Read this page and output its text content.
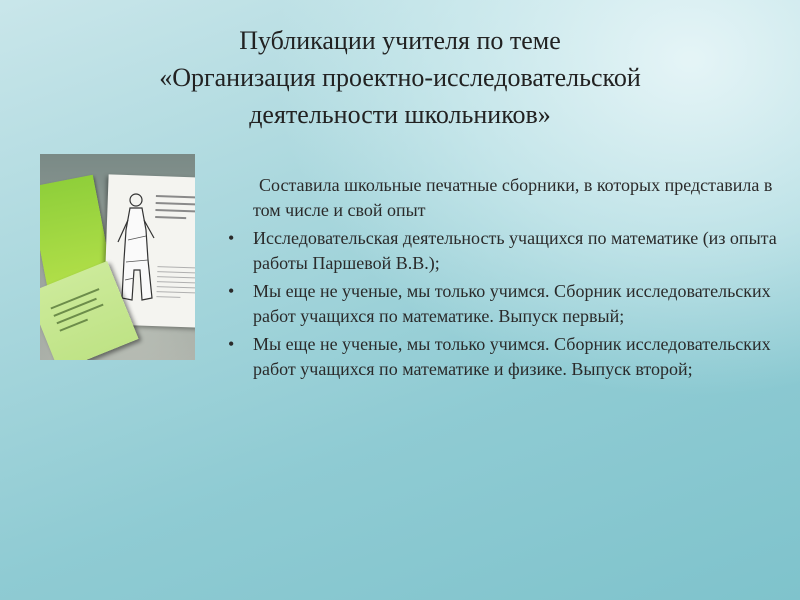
Публикации учителя по теме
«Организация проектно-исследовательской
деятельности школьников»
Составила школьные печатные сборники, в которых представила в том числе и свой опыт
• Исследовательская деятельность учащихся по математике (из опыта работы Паршевой В.В.);
• Мы еще не ученые, мы только учимся. Сборник исследовательских работ учащихся по математике. Выпуск первый;
• Мы еще не ученые, мы только учимся. Сборник исследовательских работ учащихся по математике и физике. Выпуск второй;
